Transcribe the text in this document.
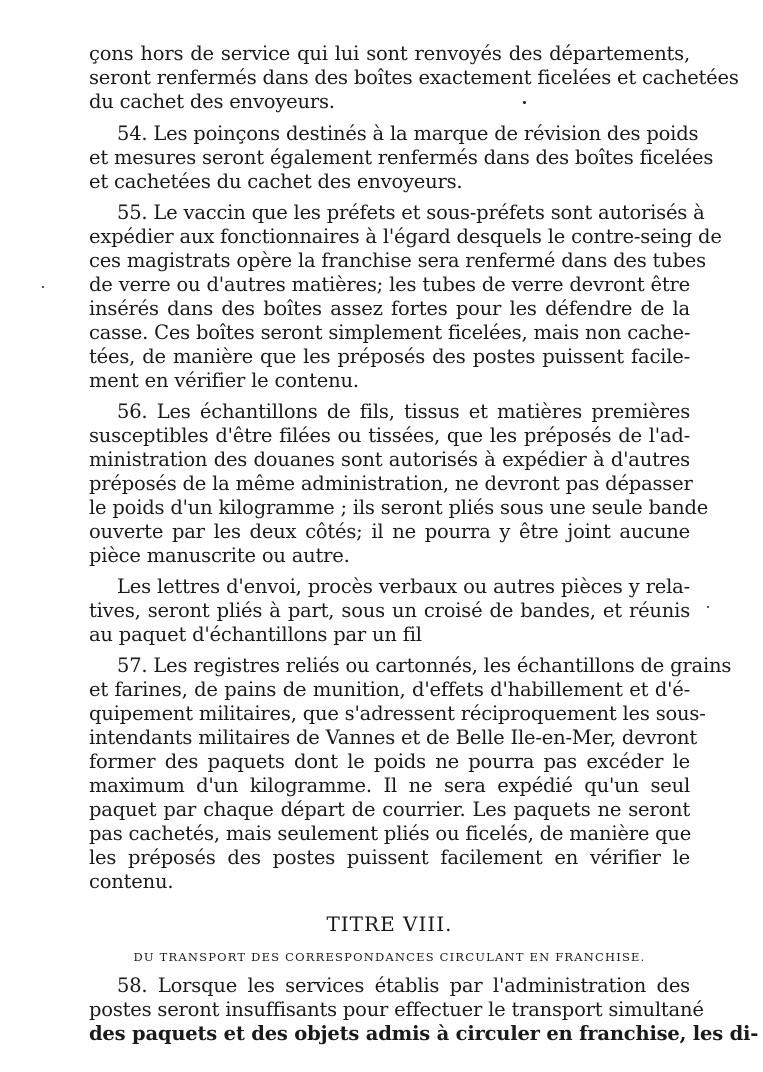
çons hors de service qui lui sont renvoyés des départements,
seront renfermés dans des boîtes exactement ficelées et cachetées
du cachet des envoyeurs.
54. Les poinçons destinés à la marque de révision des poids
et mesures seront également renfermés dans des boîtes ficelées
et cachetées du cachet des envoyeurs.
55. Le vaccin que les préfets et sous-préfets sont autorisés à
expédier aux fonctionnaires à l'égard desquels le contre-seing de
ces magistrats opère la franchise sera renfermé dans des tubes
de verre ou d'autres matières; les tubes de verre devront être
insérés dans des boîtes assez fortes pour les défendre de la
casse. Ces boîtes seront simplement ficelées, mais non cache-
tées, de manière que les préposés des postes puissent facile-
ment en vérifier le contenu.
56. Les échantillons de fils, tissus et matières premières
susceptibles d'être filées ou tissées, que les préposés de l'ad-
ministration des douanes sont autorisés à expédier à d'autres
préposés de la même administration, ne devront pas dépasser
le poids d'un kilogramme ; ils seront pliés sous une seule bande
ouverte par les deux côtés; il ne pourra y être joint aucune
pièce manuscrite ou autre.
Les lettres d'envoi, procès verbaux ou autres pièces y rela-
tives, seront pliés à part, sous un croisé de bandes, et réunis
au paquet d'échantillons par un fil
57. Les registres reliés ou cartonnés, les échantillons de grains
et farines, de pains de munition, d'effets d'habillement et d'é-
quipement militaires, que s'adressent réciproquement les sous-
intendants militaires de Vannes et de Belle Ile-en-Mer, devront
former des paquets dont le poids ne pourra pas excéder le
maximum d'un kilogramme. Il ne sera expédié qu'un seul
paquet par chaque départ de courrier. Les paquets ne seront
pas cachetés, mais seulement pliés ou ficelés, de manière que
les préposés des postes puissent facilement en vérifier le
contenu.
TITRE VIII.
DU TRANSPORT DES CORRESPONDANCES CIRCULANT EN FRANCHISE.
58. Lorsque les services établis par l'administration des
postes seront insuffisants pour effectuer le transport simultané
des paquets et des objets admis à circuler en franchise, les di-
